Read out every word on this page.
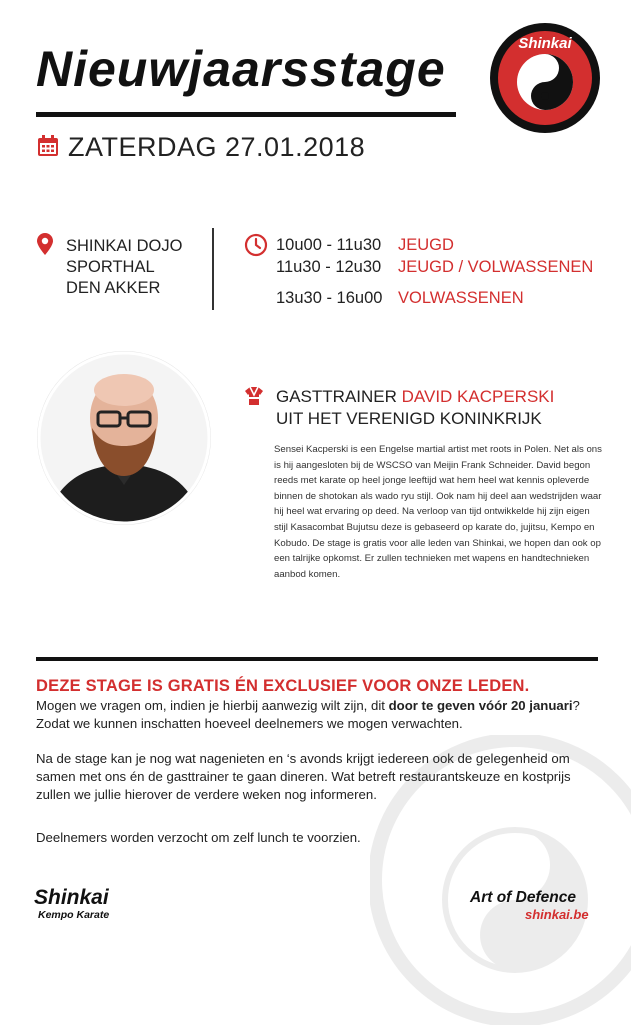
Nieuwjaarsstage	Shinkai
ZATERDAG 27.01.2018
SHINKAI DOJO
SPORTHAL
DEN AKKER
10u00 - 11u30 JEUGD
11u30 - 12u30 JEUGD / VOLWASSENEN
13u30 - 16u00 VOLWASSENEN
GASTTRAINER DAVID KACPERSKI
UIT HET VERENIGD KONINKRIJK
Sensei Kacperski is een Engelse martial artist met roots in Polen. Net als ons is hij aangesloten bij de WSCSO van Meijin Frank Schneider. David begon reeds met karate op heel jonge leeftijd wat hem heel wat kennis opleverde binnen de shotokan als wado ryu stijl. Ook nam hij deel aan wedstrijden waar hij heel wat ervaring op deed. Na verloop van tijd ontwikkelde hij zijn eigen stijl Kasacombat Bujutsu deze is gebaseerd op karate do, jujitsu, Kempo en Kobudo. De stage is gratis voor alle leden van Shinkai, we hopen dan ook op een talrijke opkomst. Er zullen technieken met wapens en handtechnieken aanbod komen.
DEZE STAGE IS GRATIS ÉN EXCLUSIEF VOOR ONZE LEDEN.
Mogen we vragen om, indien je hierbij aanwezig wilt zijn, dit door te geven vóór 20 januari? Zodat we kunnen inschatten hoeveel deelnemers we mogen verwachten.
Na de stage kan je nog wat nagenieten en ‘s avonds krijgt iedereen ook de gelegenheid om samen met ons én de gasttrainer te gaan dineren. Wat betreft restaurantskeuze en kostprijs zullen we jullie hierover de verdere weken nog informeren.
Deelnemers worden verzocht om zelf lunch te voorzien.
Shinkai
Kempo Karate
Art of Defence
shinkai.be
